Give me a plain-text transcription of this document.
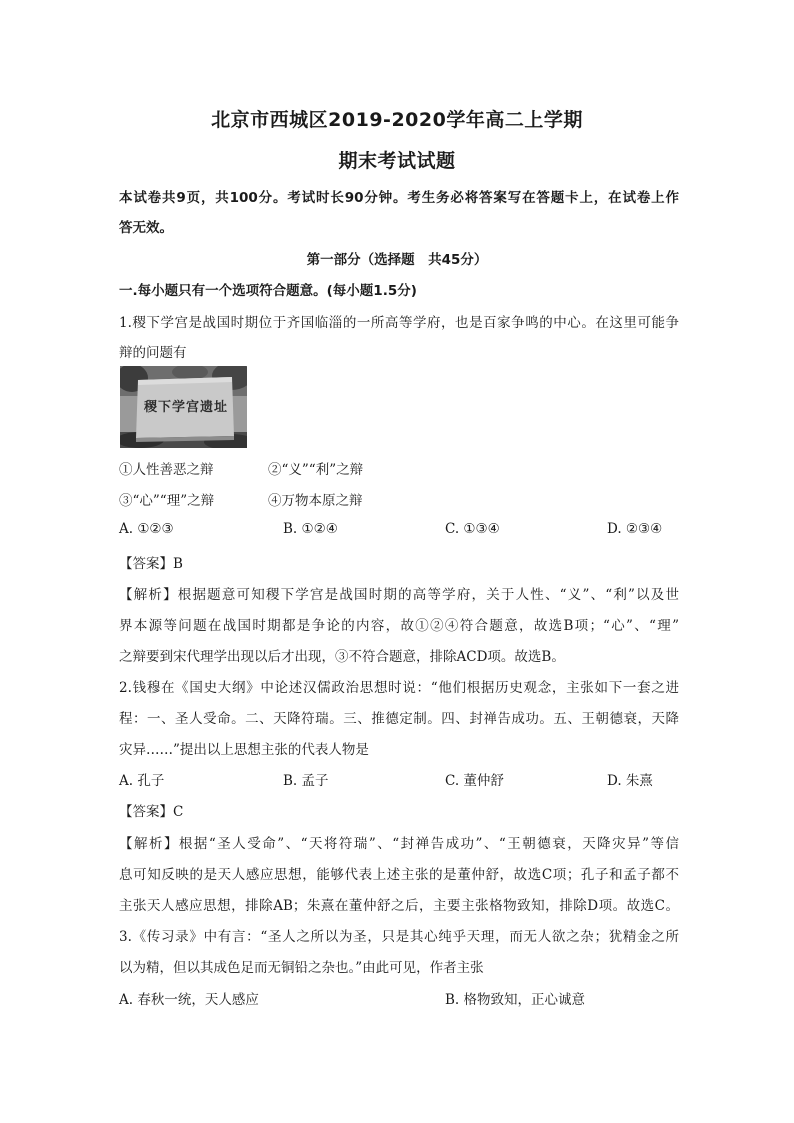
北京市西城区2019-2020学年高二上学期
期末考试试题
本试卷共9页，共100分。考试时长90分钟。考生务必将答案写在答题卡上，在试卷上作
答无效。
第一部分（选择题　共45分）
一.每小题只有一个选项符合题意。(每小题1.5分)
1.稷下学宫是战国时期位于齐国临淄的一所高等学府，也是百家争鸣的中心。在这里可能争
辩的问题有
稷下学宫遗址
①人性善恶之辩	②“义”“利”之辩
③“心”“理”之辩	④万物本原之辩
A. ①②③	B. ①②④	C. ①③④	D. ②③④
【答案】B
【解析】根据题意可知稷下学宫是战国时期的高等学府，关于人性、“义”、“利”以及世
界本源等问题在战国时期都是争论的内容，故①②④符合题意，故选B项；“心”、“理”
之辩要到宋代理学出现以后才出现，③不符合题意，排除ACD项。故选B。
2.钱穆在《国史大纲》中论述汉儒政治思想时说：“他们根据历史观念，主张如下一套之进
程：一、圣人受命。二、天降符瑞。三、推德定制。四、封禅告成功。五、王朝德衰，天降
灾异……”提出以上思想主张的代表人物是
A. 孔子	B. 孟子	C. 董仲舒	D. 朱熹
【答案】C
【解析】根据“圣人受命”、“天将符瑞”、“封禅告成功”、“王朝德衰，天降灾异”等信
息可知反映的是天人感应思想，能够代表上述主张的是董仲舒，故选C项；孔子和孟子都不
主张天人感应思想，排除AB；朱熹在董仲舒之后，主要主张格物致知，排除D项。故选C。
3.《传习录》中有言：“圣人之所以为圣，只是其心纯乎天理，而无人欲之杂；犹精金之所
以为精，但以其成色足而无铜铅之杂也。”由此可见，作者主张
A. 春秋一统，天人感应	B. 格物致知，正心诚意
